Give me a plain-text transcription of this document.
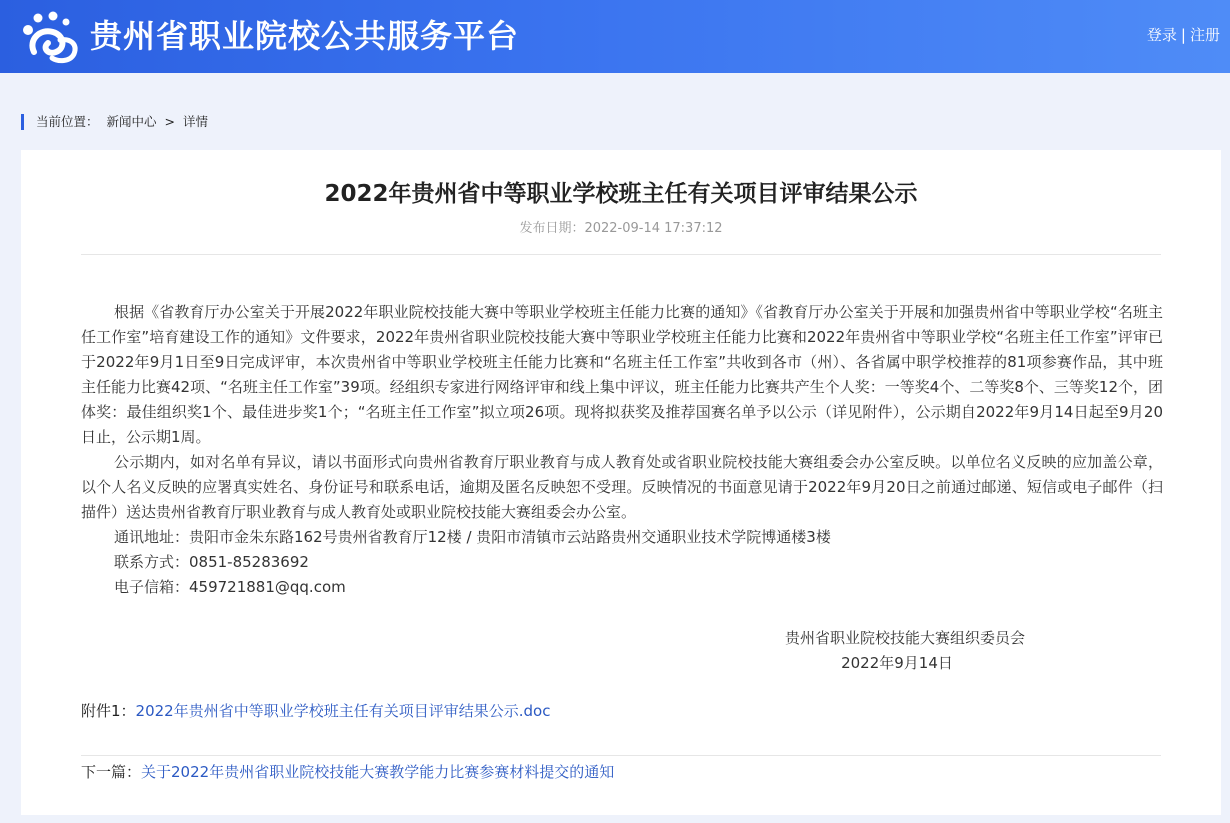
贵州省职业院校公共服务平台	登录 | 注册
当前位置： 新闻中心 > 详情
2022年贵州省中等职业学校班主任有关项目评审结果公示
发布日期：2022-09-14 17:37:12

根据《省教育厅办公室关于开展2022年职业院校技能大赛中等职业学校班主任能力比赛的通知》《省教育厅办公室关于开展和加强贵州省中等职业学校“名班主任工作室”培育建设工作的通知》文件要求，2022年贵州省职业院校技能大赛中等职业学校班主任能力比赛和2022年贵州省中等职业学校“名班主任工作室”评审已于2022年9月1日至9日完成评审，本次贵州省中等职业学校班主任能力比赛和“名班主任工作室”共收到各市（州）、各省属中职学校推荐的81项参赛作品，其中班主任能力比赛42项、“名班主任工作室”39项。经组织专家进行网络评审和线上集中评议，班主任能力比赛共产生个人奖：一等奖4个、二等奖8个、三等奖12个，团体奖：最佳组织奖1个、最佳进步奖1个；“名班主任工作室”拟立项26项。现将拟获奖及推荐国赛名单予以公示（详见附件），公示期自2022年9月14日起至9月20日止，公示期1周。

公示期内，如对名单有异议，请以书面形式向贵州省教育厅职业教育与成人教育处或省职业院校技能大赛组委会办公室反映。以单位名义反映的应加盖公章，以个人名义反映的应署真实姓名、身份证号和联系电话，逾期及匿名反映恕不受理。反映情况的书面意见请于2022年9月20日之前通过邮递、短信或电子邮件（扫描件）送达贵州省教育厅职业教育与成人教育处或职业院校技能大赛组委会办公室。

通讯地址：贵阳市金朱东路162号贵州省教育厅12楼 / 贵阳市清镇市云站路贵州交通职业技术学院博通楼3楼

联系方式：0851-85283692

电子信箱：459721881@qq.com

贵州省职业院校技能大赛组织委员会
2022年9月14日
附件1：2022年贵州省中等职业学校班主任有关项目评审结果公示.doc
下一篇：关于2022年贵州省职业院校技能大赛教学能力比赛参赛材料提交的通知
